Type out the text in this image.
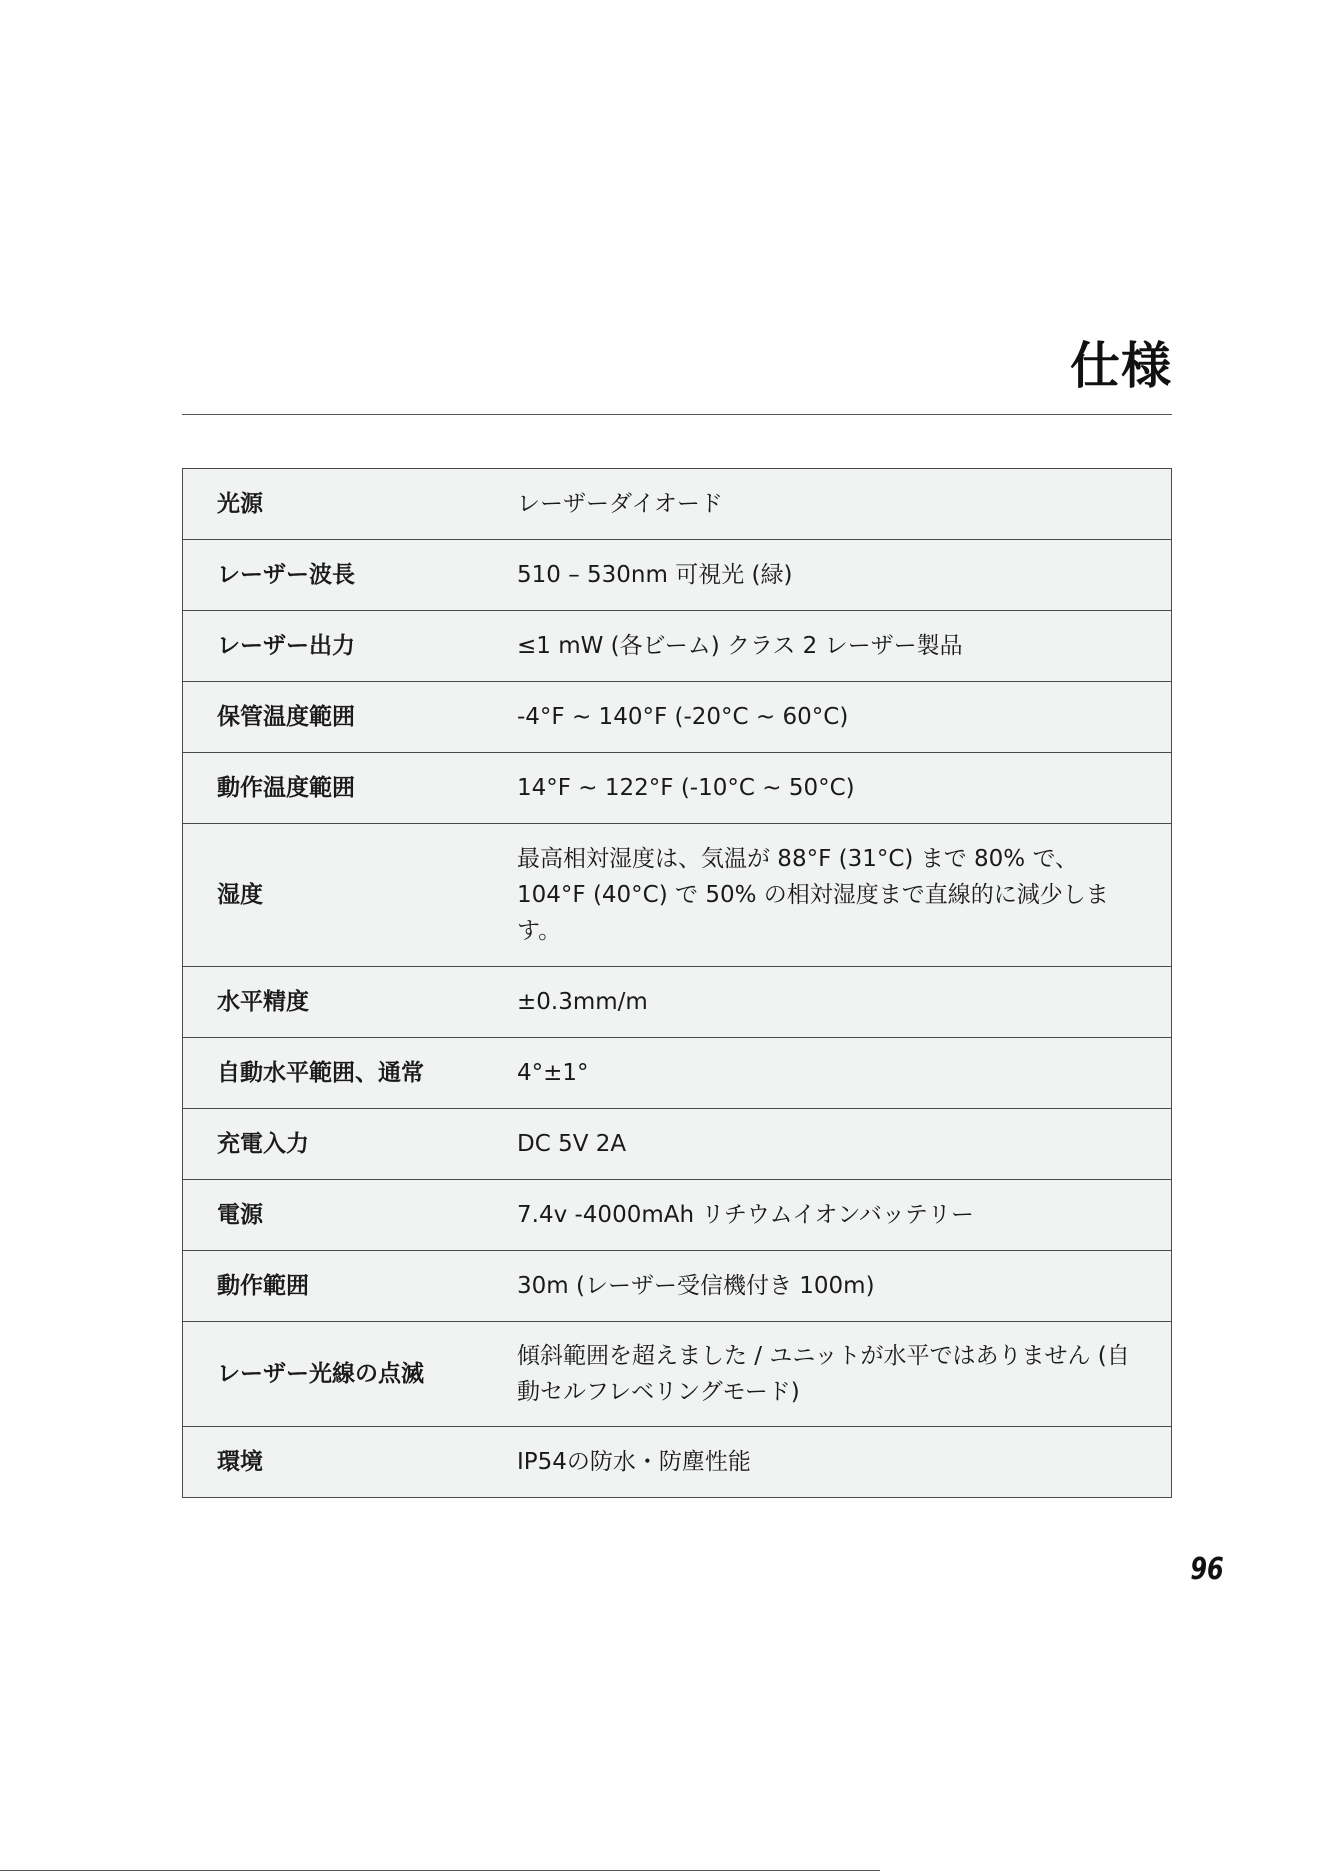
仕様
光源	レーザーダイオード
レーザー波長	510 – 530nm 可視光 (緑)
レーザー出力	≤1 mW (各ビーム) クラス 2 レーザー製品
保管温度範囲	-4°F ~ 140°F (-20°C ~ 60°C)
動作温度範囲	14°F ~ 122°F (-10°C ~ 50°C)
湿度	最高相対湿度は、気温が 88°F (31°C) まで 80% で、104°F (40°C) で 50% の相対湿度まで直線的に減少します。
水平精度	±0.3mm/m
自動水平範囲、通常	4°±1°
充電入力	DC 5V 2A
電源	7.4v -4000mAh リチウムイオンバッテリー
動作範囲	30m (レーザー受信機付き 100m)
レーザー光線の点滅	傾斜範囲を超えました / ユニットが水平ではありません (自動セルフレベリングモード)
環境	IP54の防水・防塵性能
96
